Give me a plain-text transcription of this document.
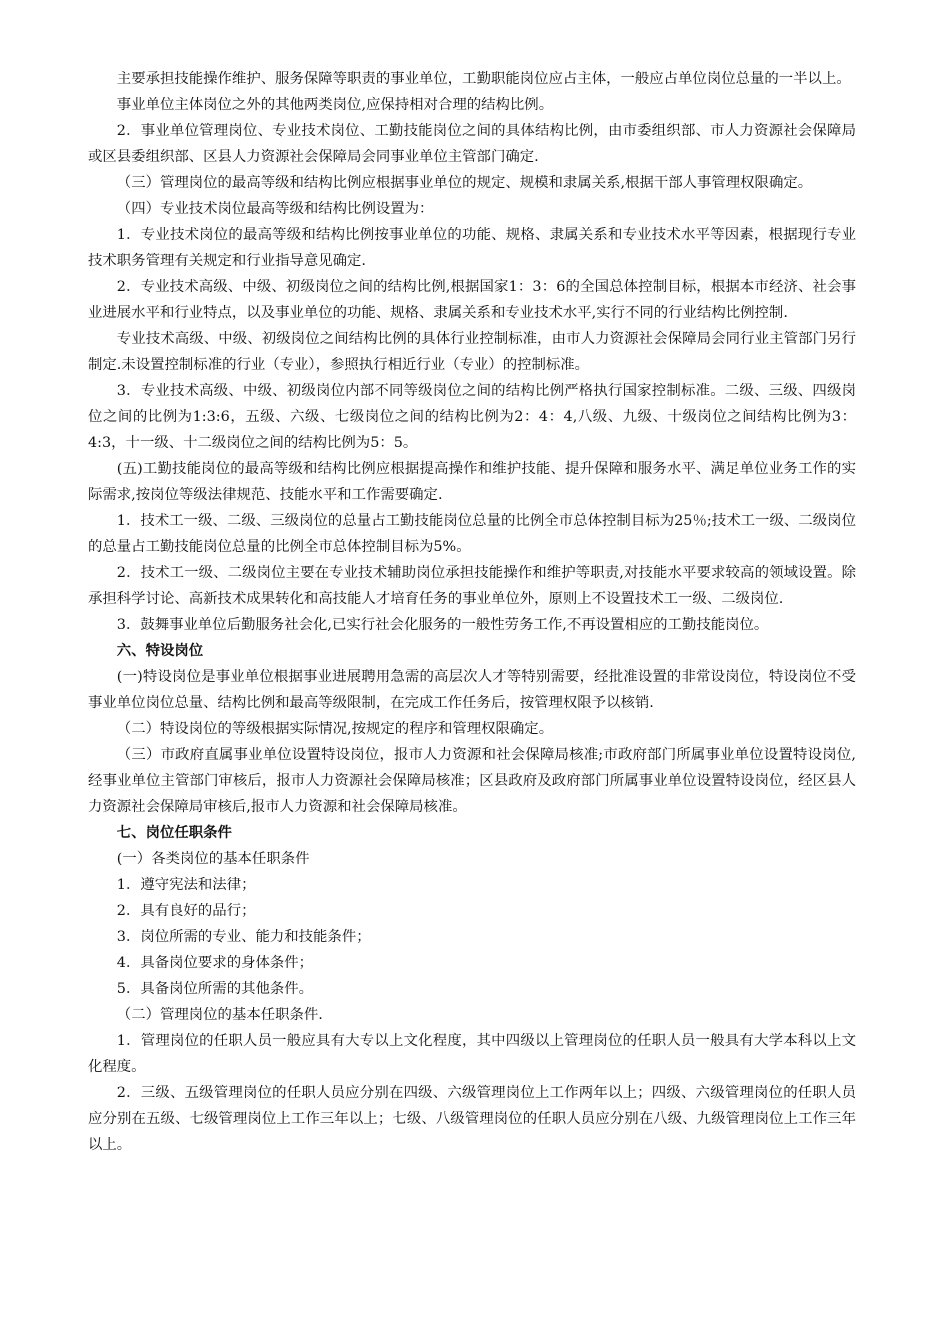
主要承担技能操作维护、服务保障等职责的事业单位，工勤职能岗位应占主体，一般应占单位岗位总量的一半以上。

事业单位主体岗位之外的其他两类岗位,应保持相对合理的结构比例。

2．事业单位管理岗位、专业技术岗位、工勤技能岗位之间的具体结构比例，由市委组织部、市人力资源社会保障局或区县委组织部、区县人力资源社会保障局会同事业单位主管部门确定.

（三）管理岗位的最高等级和结构比例应根据事业单位的规定、规模和隶属关系,根据干部人事管理权限确定。

（四）专业技术岗位最高等级和结构比例设置为：

1．专业技术岗位的最高等级和结构比例按事业单位的功能、规格、隶属关系和专业技术水平等因素，根据现行专业技术职务管理有关规定和行业指导意见确定.

2．专业技术高级、中级、初级岗位之间的结构比例,根据国家1：3：6的全国总体控制目标，根据本市经济、社会事业进展水平和行业特点，以及事业单位的功能、规格、隶属关系和专业技术水平,实行不同的行业结构比例控制.

专业技术高级、中级、初级岗位之间结构比例的具体行业控制标准，由市人力资源社会保障局会同行业主管部门另行制定.未设置控制标准的行业（专业），参照执行相近行业（专业）的控制标准。

3．专业技术高级、中级、初级岗位内部不同等级岗位之间的结构比例严格执行国家控制标准。二级、三级、四级岗位之间的比例为1:3:6，五级、六级、七级岗位之间的结构比例为2：4：4,八级、九级、十级岗位之间结构比例为3：4:3，十一级、十二级岗位之间的结构比例为5：5。

(五)工勤技能岗位的最高等级和结构比例应根据提高操作和维护技能、提升保障和服务水平、满足单位业务工作的实际需求,按岗位等级法律规范、技能水平和工作需要确定.

1．技术工一级、二级、三级岗位的总量占工勤技能岗位总量的比例全市总体控制目标为25％;技术工一级、二级岗位的总量占工勤技能岗位总量的比例全市总体控制目标为5%。

2．技术工一级、二级岗位主要在专业技术辅助岗位承担技能操作和维护等职责,对技能水平要求较高的领域设置。除承担科学讨论、高新技术成果转化和高技能人才培育任务的事业单位外，原则上不设置技术工一级、二级岗位.

3．鼓舞事业单位后勤服务社会化,已实行社会化服务的一般性劳务工作,不再设置相应的工勤技能岗位。

六、特设岗位

(一)特设岗位是事业单位根据事业进展聘用急需的高层次人才等特别需要，经批准设置的非常设岗位，特设岗位不受事业单位岗位总量、结构比例和最高等级限制，在完成工作任务后，按管理权限予以核销.

（二）特设岗位的等级根据实际情况,按规定的程序和管理权限确定。

（三）市政府直属事业单位设置特设岗位，报市人力资源和社会保障局核准;市政府部门所属事业单位设置特设岗位,经事业单位主管部门审核后，报市人力资源社会保障局核准；区县政府及政府部门所属事业单位设置特设岗位，经区县人力资源社会保障局审核后,报市人力资源和社会保障局核准。

七、岗位任职条件

(一）各类岗位的基本任职条件

1．遵守宪法和法律；

2．具有良好的品行；

3．岗位所需的专业、能力和技能条件；

4．具备岗位要求的身体条件；

5．具备岗位所需的其他条件。

（二）管理岗位的基本任职条件.

1．管理岗位的任职人员一般应具有大专以上文化程度，其中四级以上管理岗位的任职人员一般具有大学本科以上文化程度。

2．三级、五级管理岗位的任职人员应分别在四级、六级管理岗位上工作两年以上；四级、六级管理岗位的任职人员应分别在五级、七级管理岗位上工作三年以上；七级、八级管理岗位的任职人员应分别在八级、九级管理岗位上工作三年以上。
